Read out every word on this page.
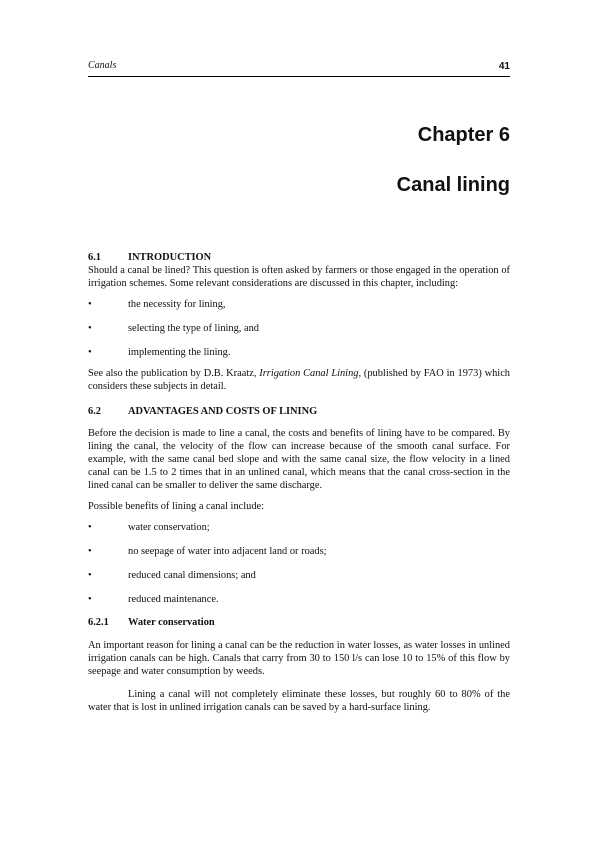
Canals	41
Chapter 6
Canal lining
6.1	INTRODUCTION

Should a canal be lined? This question is often asked by farmers or those engaged in the operation of irrigation schemes. Some relevant considerations are discussed in this chapter, including:

•	the necessity for lining,
•	selecting the type of lining, and
•	implementing the lining.

See also the publication by D.B. Kraatz, Irrigation Canal Lining, (published by FAO in 1973) which considers these subjects in detail.

6.2	ADVANTAGES AND COSTS OF LINING

Before the decision is made to line a canal, the costs and benefits of lining have to be compared. By lining the canal, the velocity of the flow can increase because of the smooth canal surface. For example, with the same canal bed slope and with the same canal size, the flow velocity in a lined canal can be 1.5 to 2 times that in an unlined canal, which means that the canal cross-section in the lined canal can be smaller to deliver the same discharge.

Possible benefits of lining a canal include:

•	water conservation;
•	no seepage of water into adjacent land or roads;
•	reduced canal dimensions; and
•	reduced maintenance.
6.2.1 Water conservation

An important reason for lining a canal can be the reduction in water losses, as water losses in unlined irrigation canals can be high. Canals that carry from 30 to 150 l/s can lose 10 to 15% of this flow by seepage and water consumption by weeds.

Lining a canal will not completely eliminate these losses, but roughly 60 to 80% of the water that is lost in unlined irrigation canals can be saved by a hard-surface lining.
